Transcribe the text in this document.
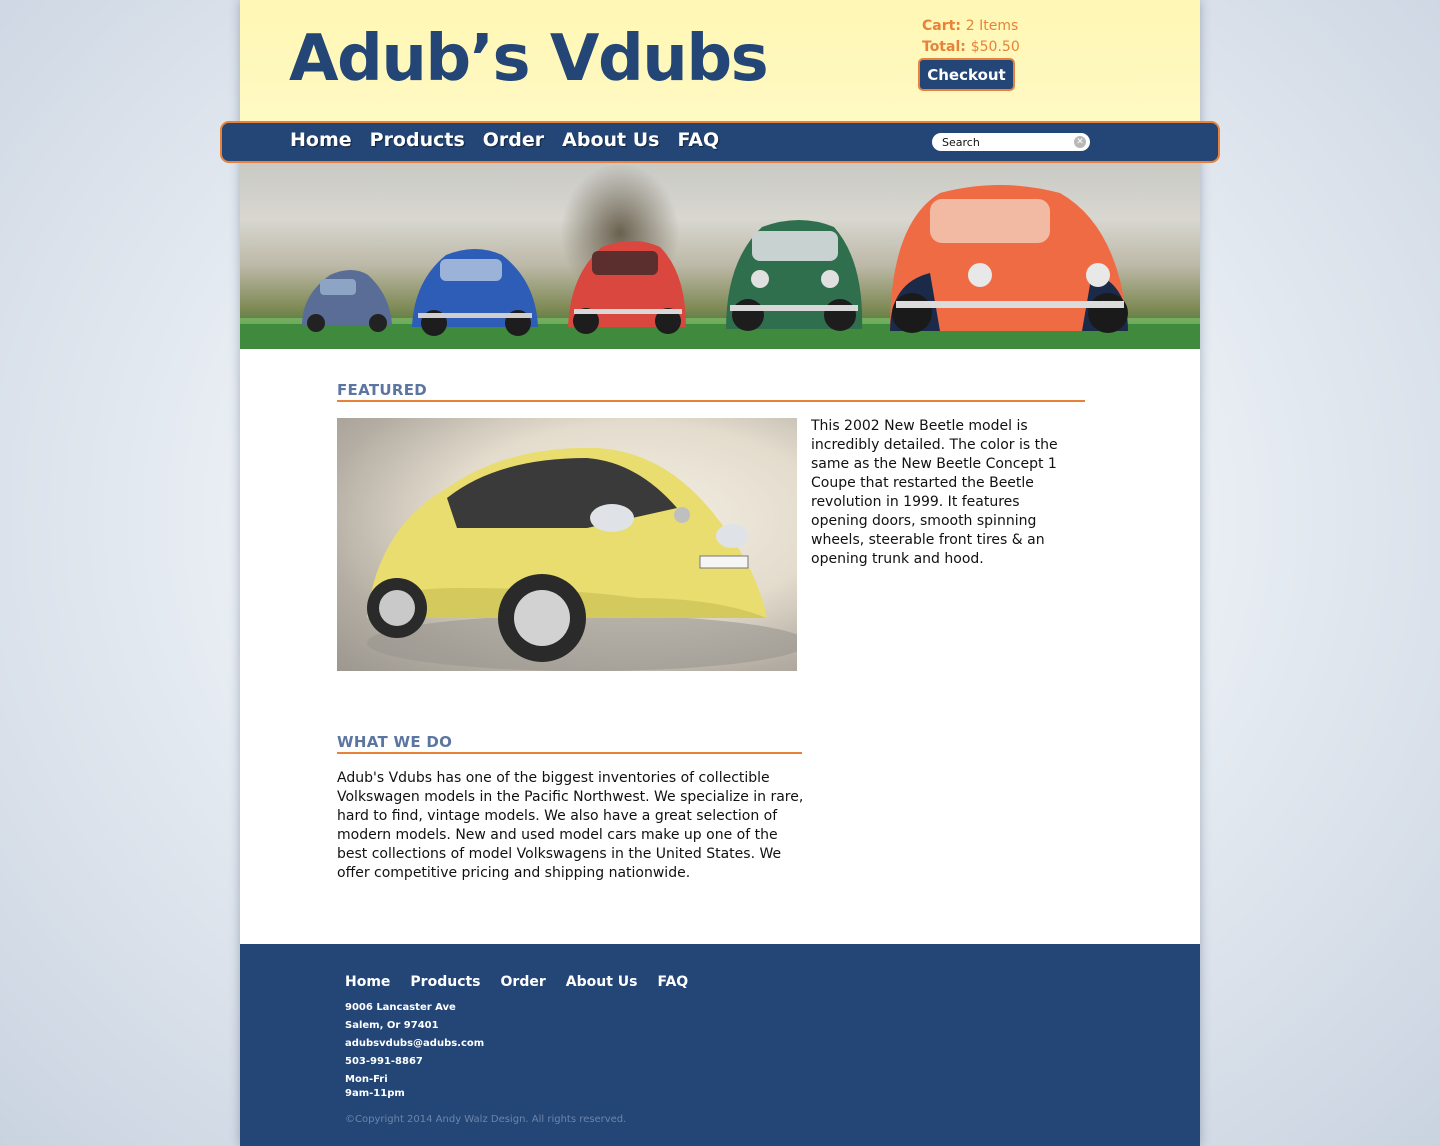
Adub’s Vdubs	Cart: 2 Items
Total: $50.50
Checkout
FEATURED
This 2002 New Beetle model is incredibly detailed. The color is the same as the New Beetle Concept 1 Coupe that restarted the Beetle revolution in 1999. It features opening doors, smooth spinning wheels, steerable front tires & an opening trunk and hood.
WHAT WE DO
Adub's Vdubs has one of the biggest inventories of collectible Volkswagen models in the Pacific Northwest. We specialize in rare, hard to find, vintage models. We also have a great selection of modern models. New and used model cars make up one of the best collections of model Volkswagens in the United States. We offer competitive pricing and shipping nationwide.
Home Products Order About Us FAQ
9006 Lancaster Ave
Salem, Or 97401
adubsvdubs@adubs.com
503-991-8867
Mon-Fri
9am-11pm
©Copyright 2014 Andy Walz Design. All rights reserved.
Home Products Order About Us FAQ
Search	✕
